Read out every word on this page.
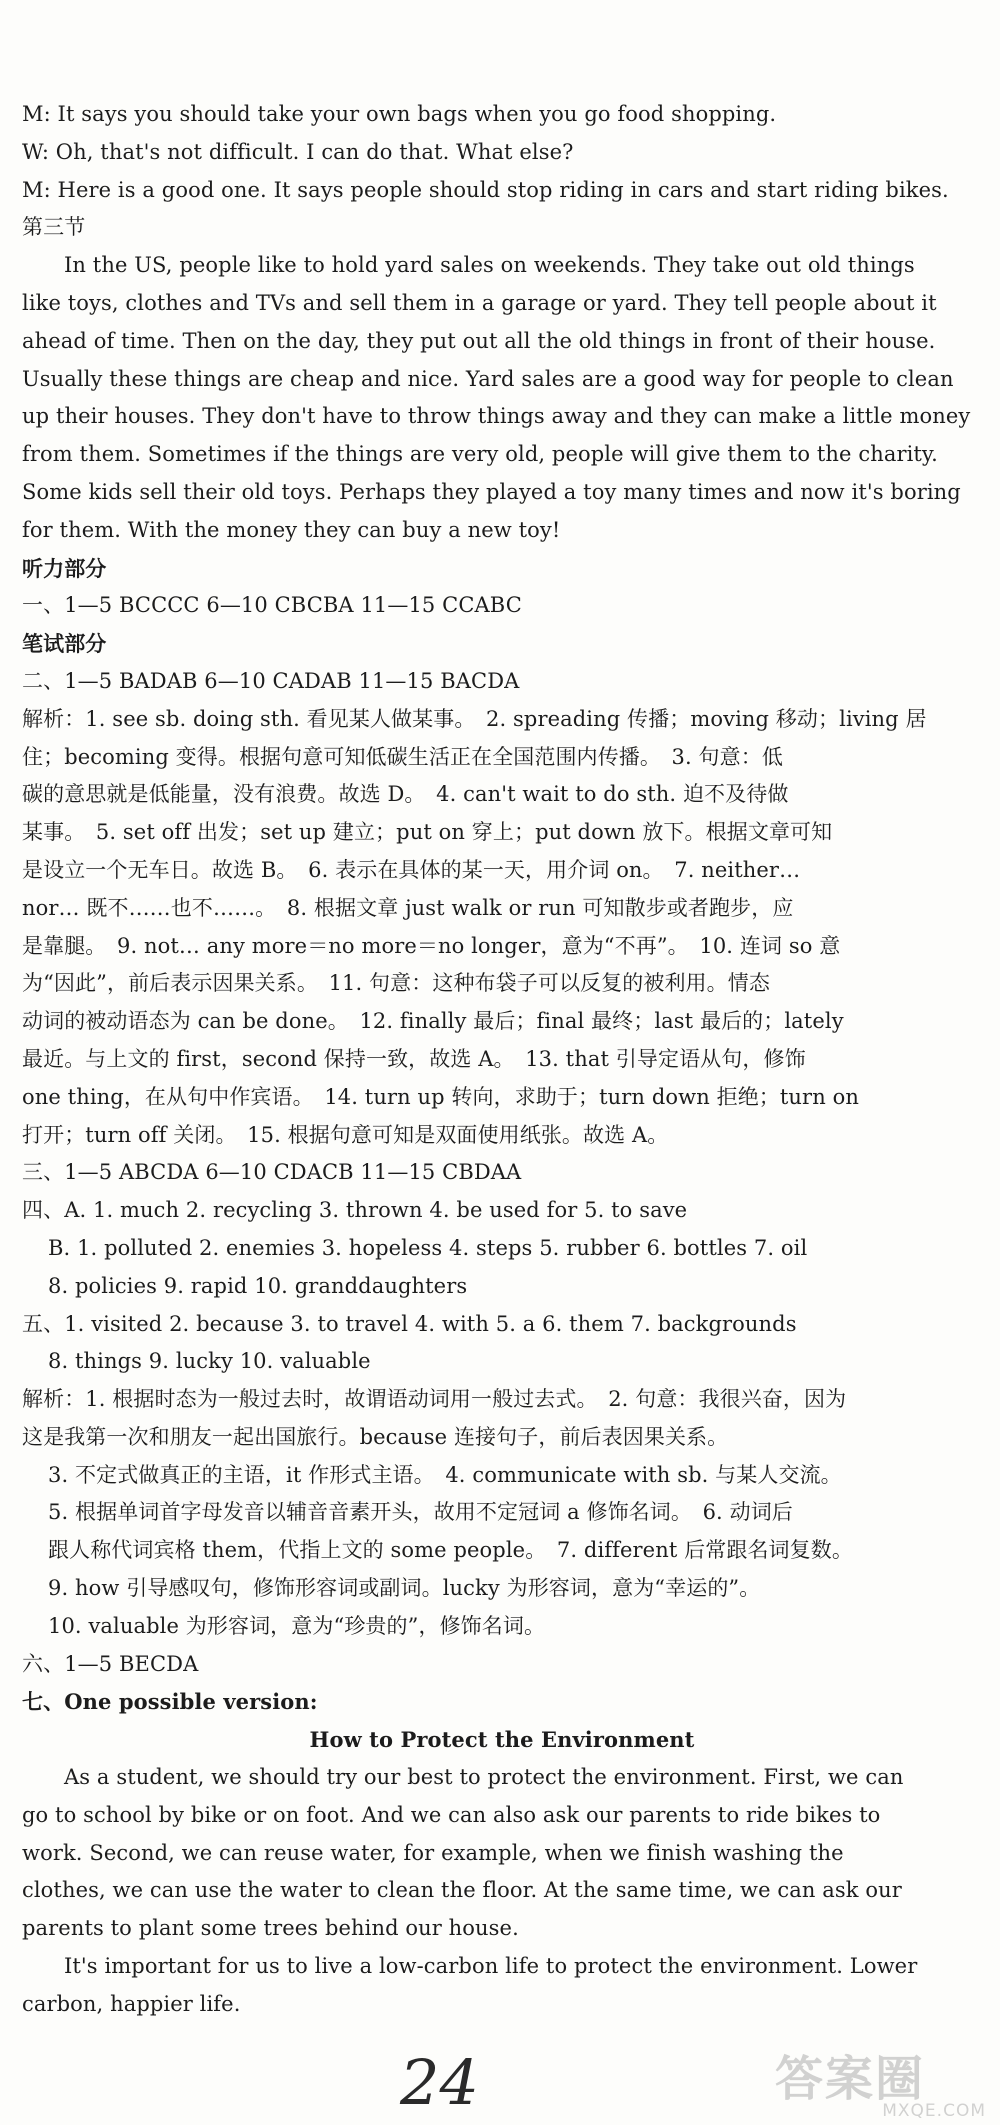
M: It says you should take your own bags when you go food shopping.
W: Oh, that's not difficult. I can do that. What else?
M: Here is a good one. It says people should stop riding in cars and start riding bikes.
第三节
In the US, people like to hold yard sales on weekends. They take out old things
like toys, clothes and TVs and sell them in a garage or yard. They tell people about it
ahead of time. Then on the day, they put out all the old things in front of their house.
Usually these things are cheap and nice. Yard sales are a good way for people to clean
up their houses. They don't have to throw things away and they can make a little money
from them. Sometimes if the things are very old, people will give them to the charity.
Some kids sell their old toys. Perhaps they played a toy many times and now it's boring
for them. With the money they can buy a new toy!
听力部分
一、1—5 BCCCC 6—10 CBCBA 11—15 CCABC
笔试部分
二、1—5 BADAB 6—10 CADAB 11—15 BACDA
解析：1. see sb. doing sth. 看见某人做某事。　2. spreading 传播；moving 移动；living 居
住；becoming 变得。根据句意可知低碳生活正在全国范围内传播。　3. 句意：低
碳的意思就是低能量，没有浪费。故选 D。　4. can't wait to do sth. 迫不及待做
某事。　5. set off 出发；set up 建立；put on 穿上；put down 放下。根据文章可知
是设立一个无车日。故选 B。　6. 表示在具体的某一天，用介词 on。　7. neither…
nor… 既不……也不……。　8. 根据文章 just walk or run 可知散步或者跑步，应
是靠腿。　9. not… any more＝no more＝no longer，意为“不再”。　10. 连词 so 意
为“因此”，前后表示因果关系。　11. 句意：这种布袋子可以反复的被利用。情态
动词的被动语态为 can be done。　12. finally 最后；final 最终；last 最后的；lately
最近。与上文的 first，second 保持一致，故选 A。　13. that 引导定语从句，修饰
one thing，在从句中作宾语。　14. turn up 转向，求助于；turn down 拒绝；turn on
打开；turn off 关闭。　15. 根据句意可知是双面使用纸张。故选 A。
三、1—5 ABCDA 6—10 CDACB 11—15 CBDAA
四、A. 1. much 2. recycling 3. thrown 4. be used for 5. to save
B. 1. polluted 2. enemies 3. hopeless 4. steps 5. rubber 6. bottles 7. oil
8. policies 9. rapid 10. granddaughters
五、1. visited 2. because 3. to travel 4. with 5. a 6. them 7. backgrounds
8. things 9. lucky 10. valuable
解析：1. 根据时态为一般过去时，故谓语动词用一般过去式。　2. 句意：我很兴奋，因为
这是我第一次和朋友一起出国旅行。because 连接句子，前后表因果关系。
3. 不定式做真正的主语，it 作形式主语。　4. communicate with sb. 与某人交流。
5. 根据单词首字母发音以辅音音素开头，故用不定冠词 a 修饰名词。　6. 动词后
跟人称代词宾格 them，代指上文的 some people。　7. different 后常跟名词复数。
9. how 引导感叹句，修饰形容词或副词。lucky 为形容词，意为“幸运的”。
10. valuable 为形容词，意为“珍贵的”，修饰名词。
六、1—5 BECDA
七、One possible version:
How to Protect the Environment
As a student, we should try our best to protect the environment. First, we can
go to school by bike or on foot. And we can also ask our parents to ride bikes to
work. Second, we can reuse water, for example, when we finish washing the
clothes, we can use the water to clean the floor. At the same time, we can ask our
parents to plant some trees behind our house.
It's important for us to live a low-carbon life to protect the environment. Lower
carbon, happier life.
24	答案圈
MXQE.COM
